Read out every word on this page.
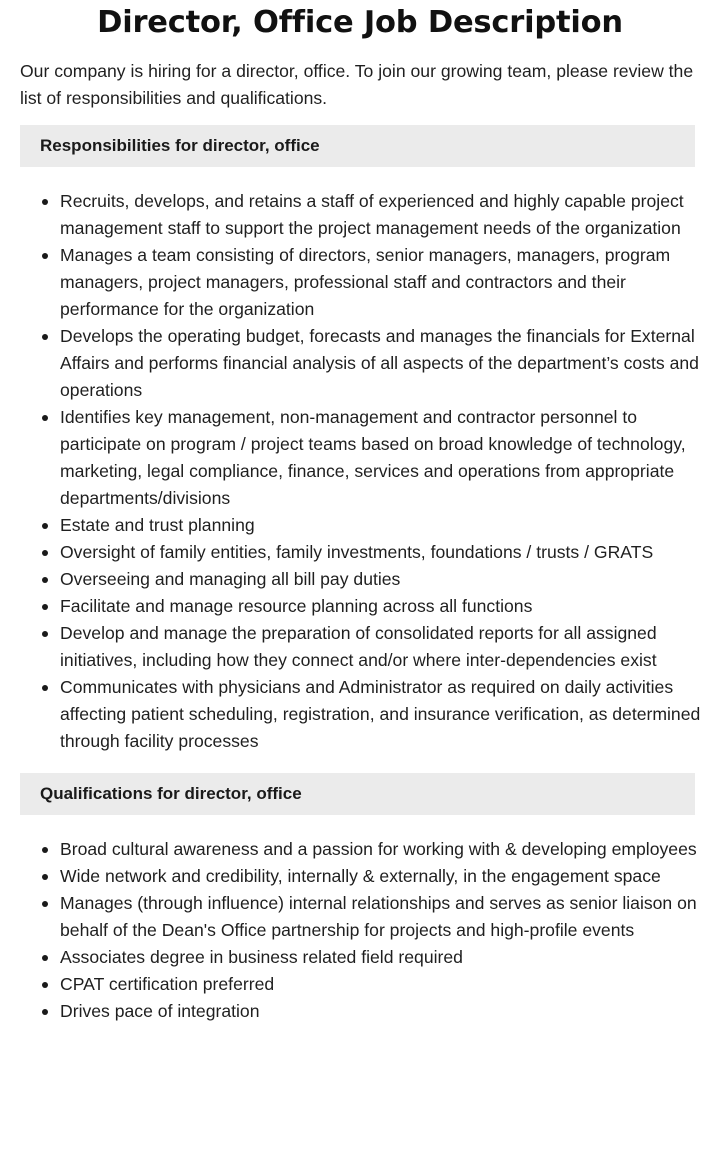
Director, Office Job Description

Our company is hiring for a director, office. To join our growing team, please review the list of responsibilities and qualifications.

Responsibilities for director, office
Recruits, develops, and retains a staff of experienced and highly capable project management staff to support the project management needs of the organization
Manages a team consisting of directors, senior managers, managers, program managers, project managers, professional staff and contractors and their performance for the organization
Develops the operating budget, forecasts and manages the financials for External Affairs and performs financial analysis of all aspects of the department’s costs and operations
Identifies key management, non-management and contractor personnel to participate on program / project teams based on broad knowledge of technology, marketing, legal compliance, finance, services and operations from appropriate departments/divisions
Estate and trust planning
Oversight of family entities, family investments, foundations / trusts / GRATS
Overseeing and managing all bill pay duties
Facilitate and manage resource planning across all functions
Develop and manage the preparation of consolidated reports for all assigned initiatives, including how they connect and/or where inter-dependencies exist
Communicates with physicians and Administrator as required on daily activities affecting patient scheduling, registration, and insurance verification, as determined through facility processes
Qualifications for director, office
Broad cultural awareness and a passion for working with & developing employees
Wide network and credibility, internally & externally, in the engagement space
Manages (through influence) internal relationships and serves as senior liaison on behalf of the Dean's Office partnership for projects and high-profile events
Associates degree in business related field required
CPAT certification preferred
Drives pace of integration
